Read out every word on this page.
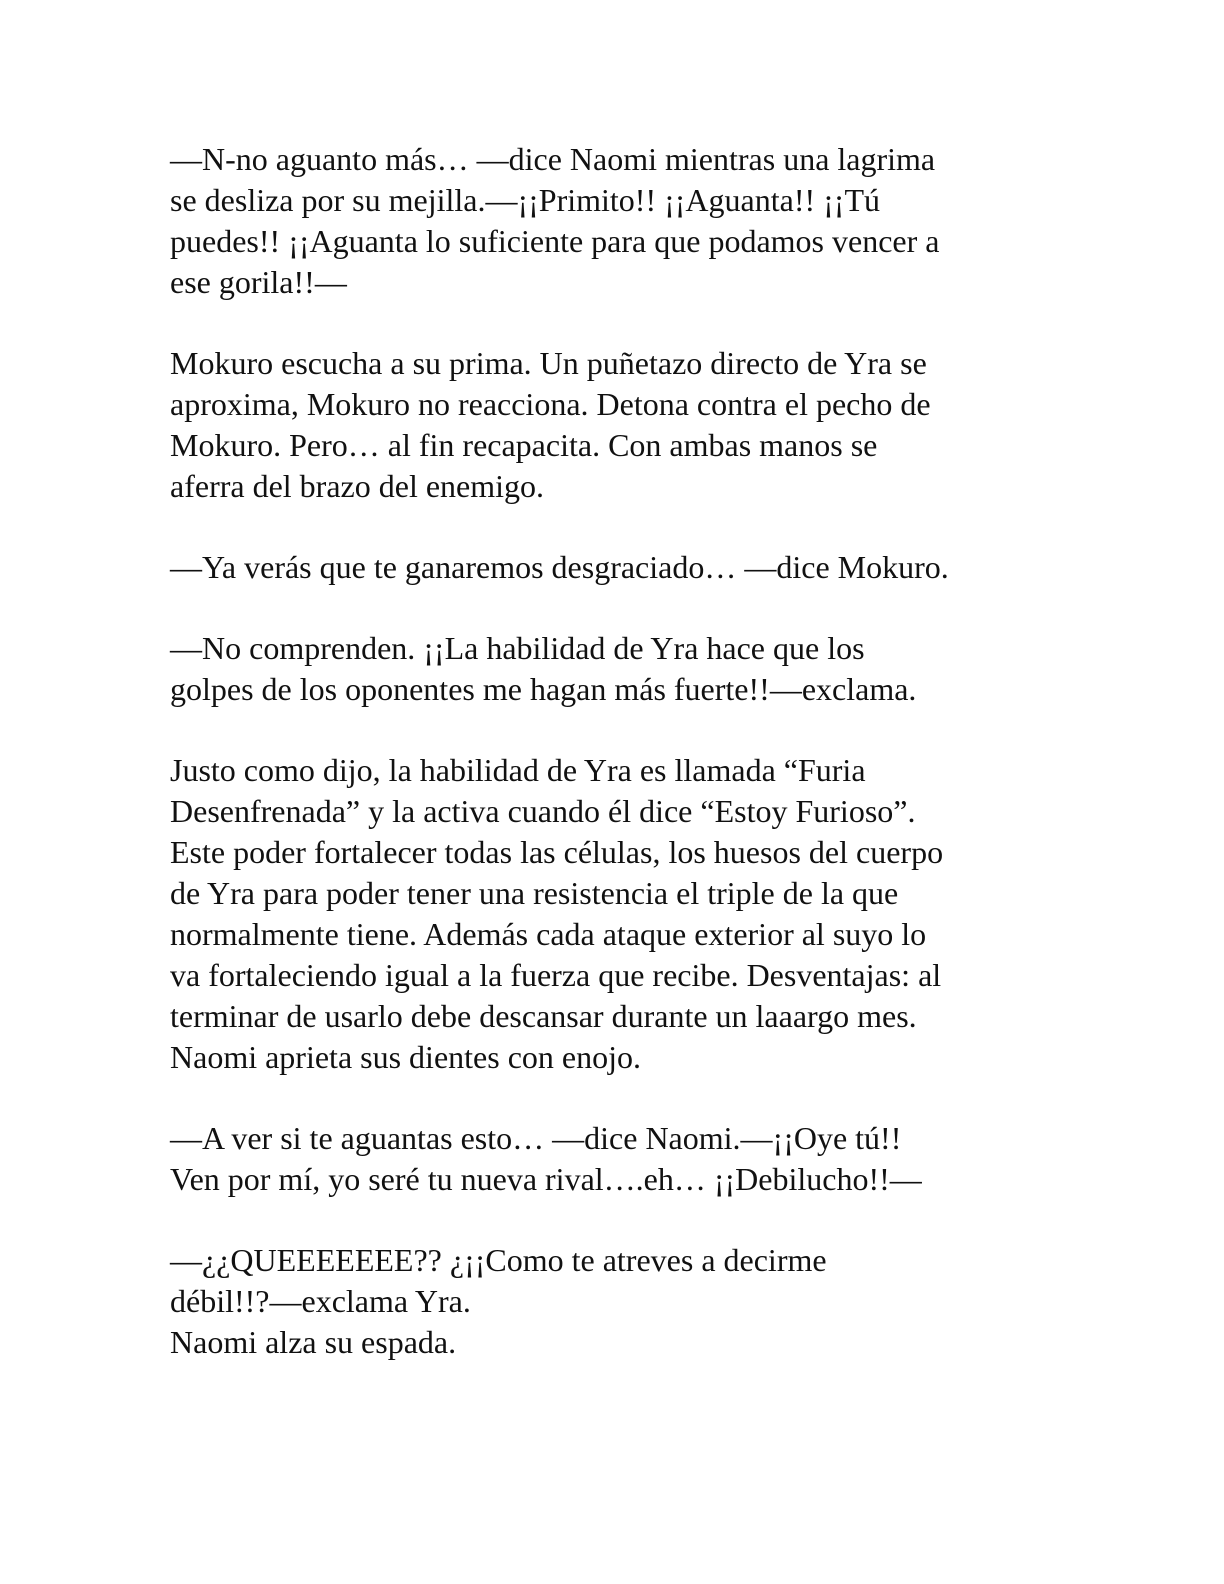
—N-no aguanto más… —dice Naomi mientras una lagrima
se desliza por su mejilla.—¡¡Primito!! ¡¡Aguanta!! ¡¡Tú
puedes!! ¡¡Aguanta lo suficiente para que podamos vencer a
ese gorila!!—

Mokuro escucha a su prima. Un puñetazo directo de Yra se
aproxima, Mokuro no reacciona. Detona contra el pecho de
Mokuro. Pero… al fin recapacita. Con ambas manos se
aferra del brazo del enemigo.

—Ya verás que te ganaremos desgraciado… —dice Mokuro.

—No comprenden. ¡¡La habilidad de Yra hace que los
golpes de los oponentes me hagan más fuerte!!—exclama.

Justo como dijo, la habilidad de Yra es llamada “Furia
Desenfrenada” y la activa cuando él dice “Estoy Furioso”.
Este poder fortalecer todas las células, los huesos del cuerpo
de Yra para poder tener una resistencia el triple de la que
normalmente tiene. Además cada ataque exterior al suyo lo
va fortaleciendo igual a la fuerza que recibe. Desventajas: al
terminar de usarlo debe descansar durante un laaargo mes.
Naomi aprieta sus dientes con enojo.

—A ver si te aguantas esto… —dice Naomi.—¡¡Oye tú!!
Ven por mí, yo seré tu nueva rival….eh… ¡¡Debilucho!!—

—¿¿QUEEEEEEE?? ¿¡¡Como te atreves a decirme
débil!!?—exclama Yra.
Naomi alza su espada.
